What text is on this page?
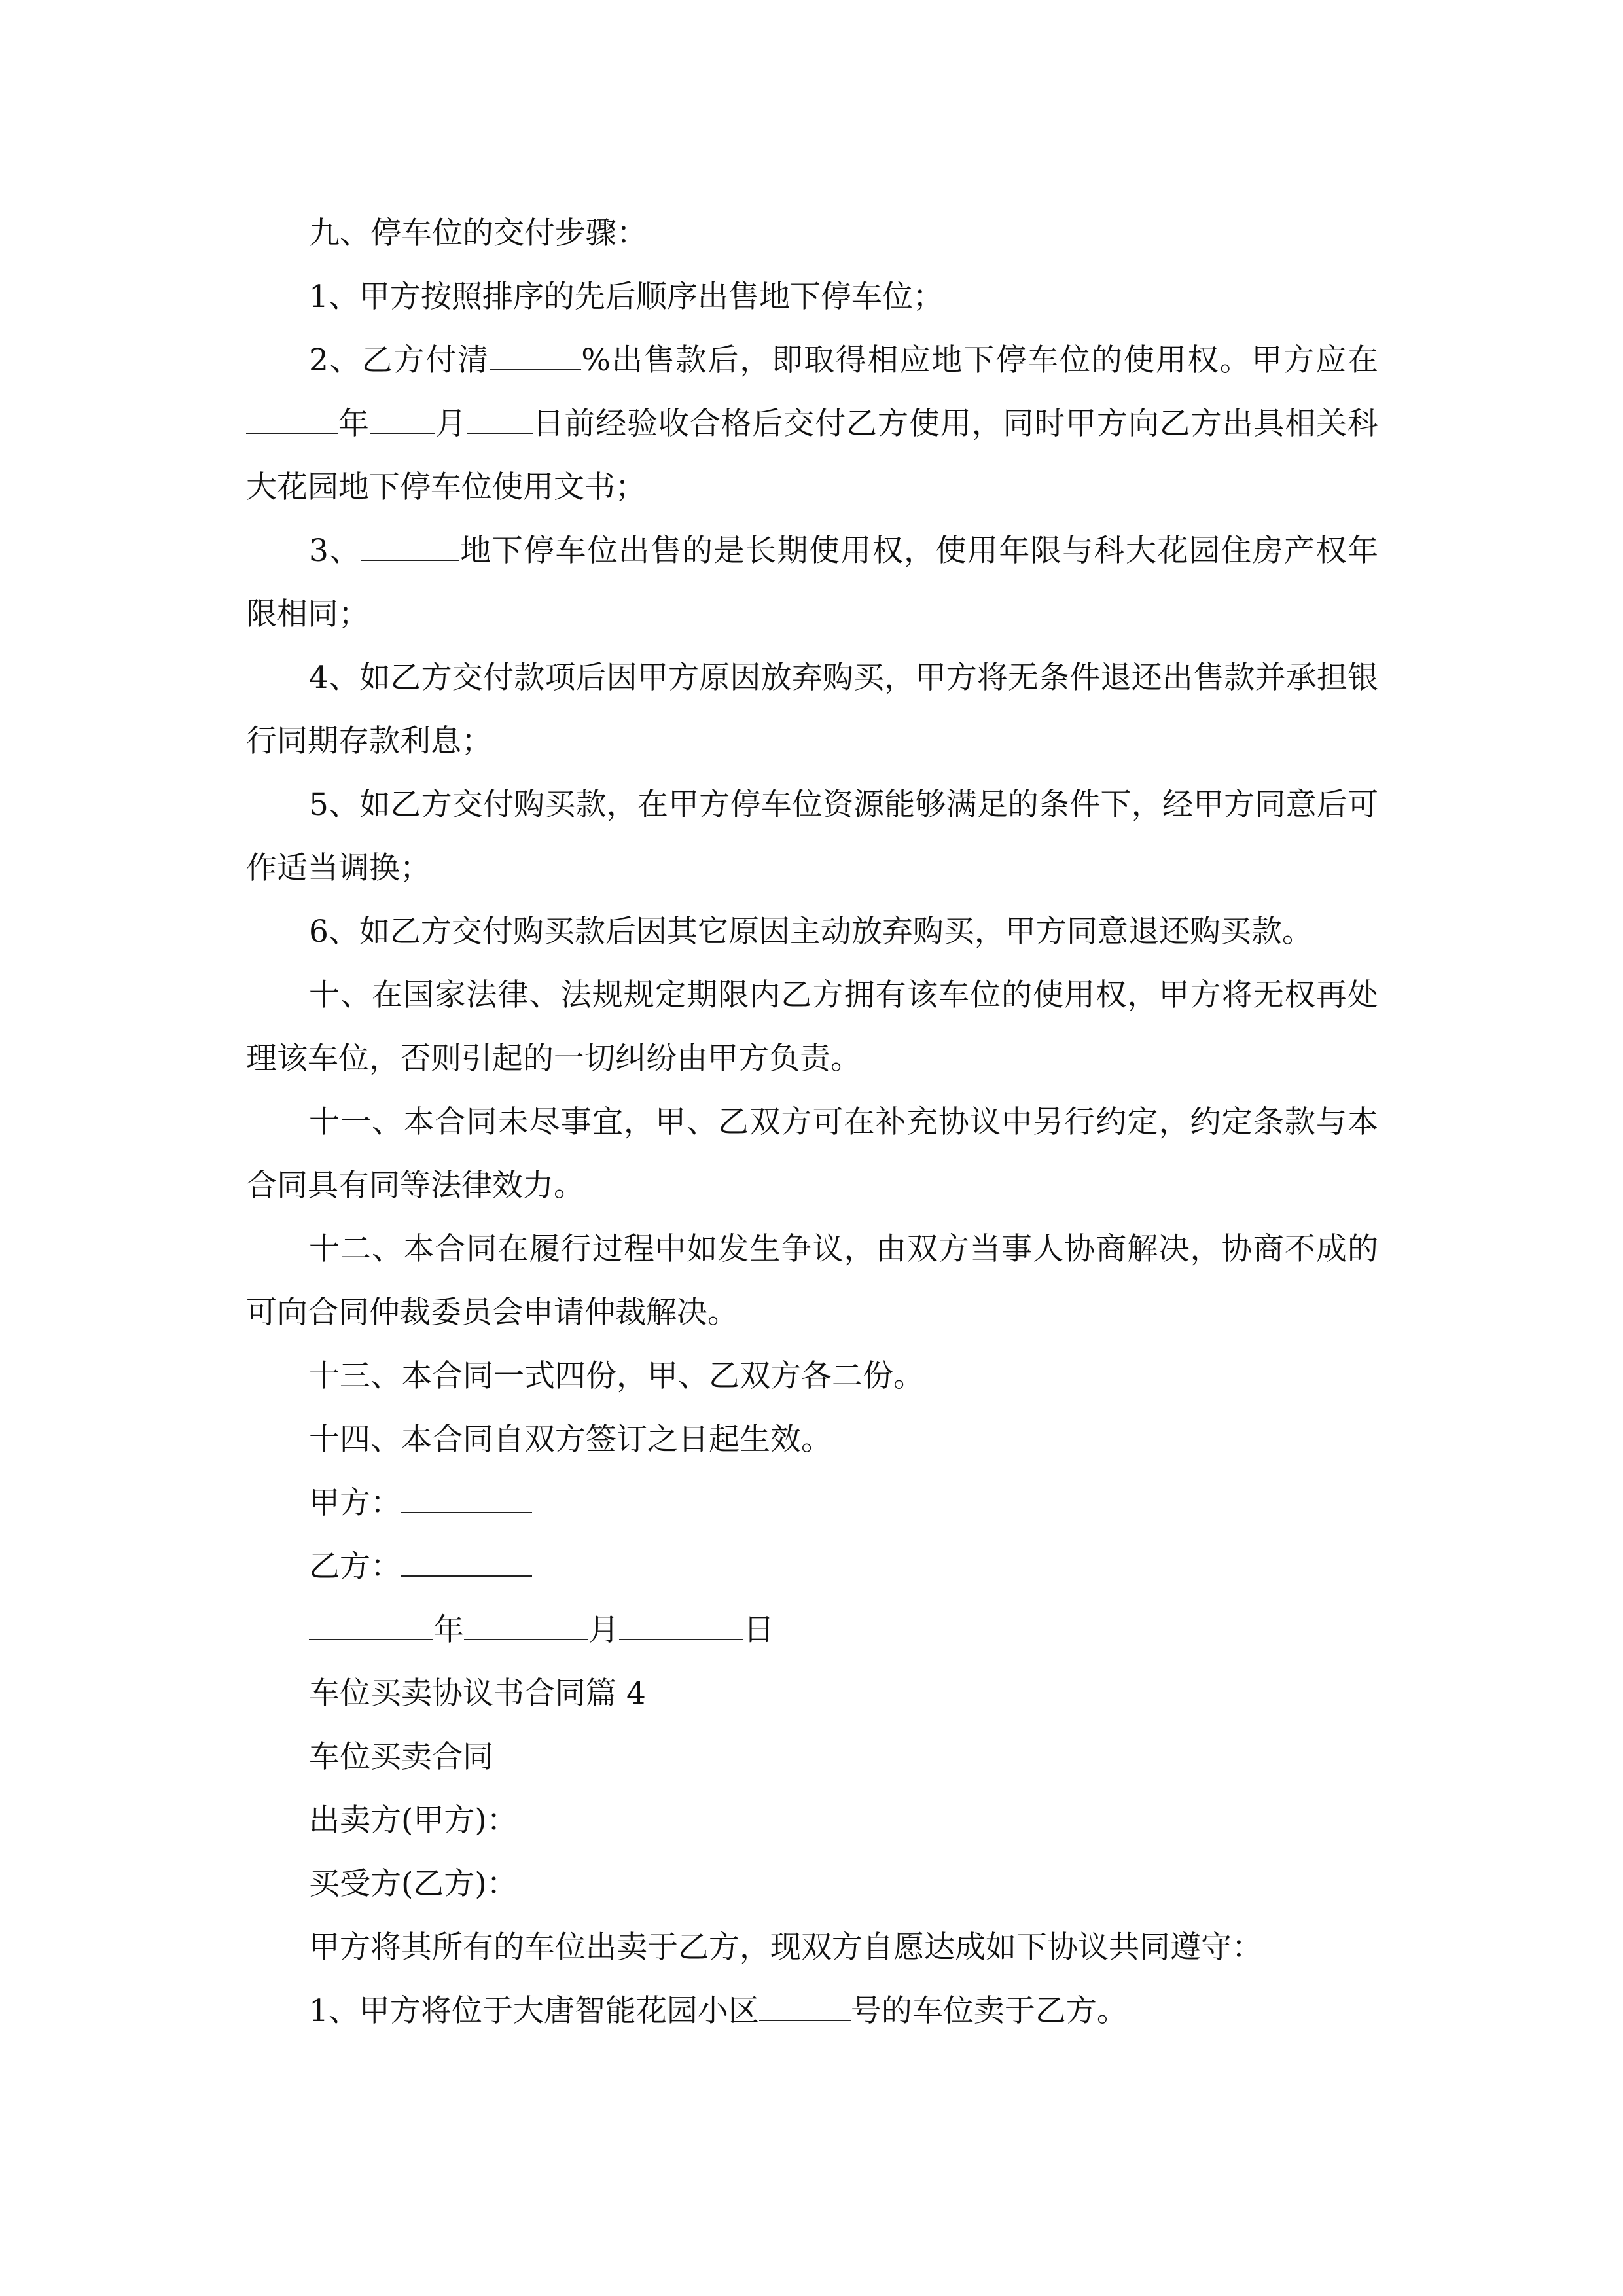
九、停车位的交付步骤：

1、甲方按照排序的先后顺序出售地下停车位；

2、乙方付清	%出售款后，即取得相应地下停车位的使用权。甲方应在年 月 日前经验收合格后交付乙方使用，同时甲方向乙方出具相关科大花园地下停车位使用文书；

3、	地下停车位出售的是长期使用权，使用年限与科大花园住房产权年限相同；

4、如乙方交付款项后因甲方原因放弃购买，甲方将无条件退还出售款并承担银行同期存款利息；

5、如乙方交付购买款，在甲方停车位资源能够满足的条件下，经甲方同意后可作适当调换；

6、如乙方交付购买款后因其它原因主动放弃购买，甲方同意退还购买款。

十、在国家法律、法规规定期限内乙方拥有该车位的使用权，甲方将无权再处理该车位，否则引起的一切纠纷由甲方负责。

十一、本合同未尽事宜，甲、乙双方可在补充协议中另行约定，约定条款与本合同具有同等法律效力。

十二、本合同在履行过程中如发生争议，由双方当事人协商解决，协商不成的可向合同仲裁委员会申请仲裁解决。

十三、本合同一式四份，甲、乙双方各二份。

十四、本合同自双方签订之日起生效。

甲方：

乙方：

年	月	日

车位买卖协议书合同篇 4

车位买卖合同

出卖方(甲方)：

买受方(乙方)：

甲方将其所有的车位出卖于乙方，现双方自愿达成如下协议共同遵守：

1、甲方将位于大唐智能花园小区	号的车位卖于乙方。
